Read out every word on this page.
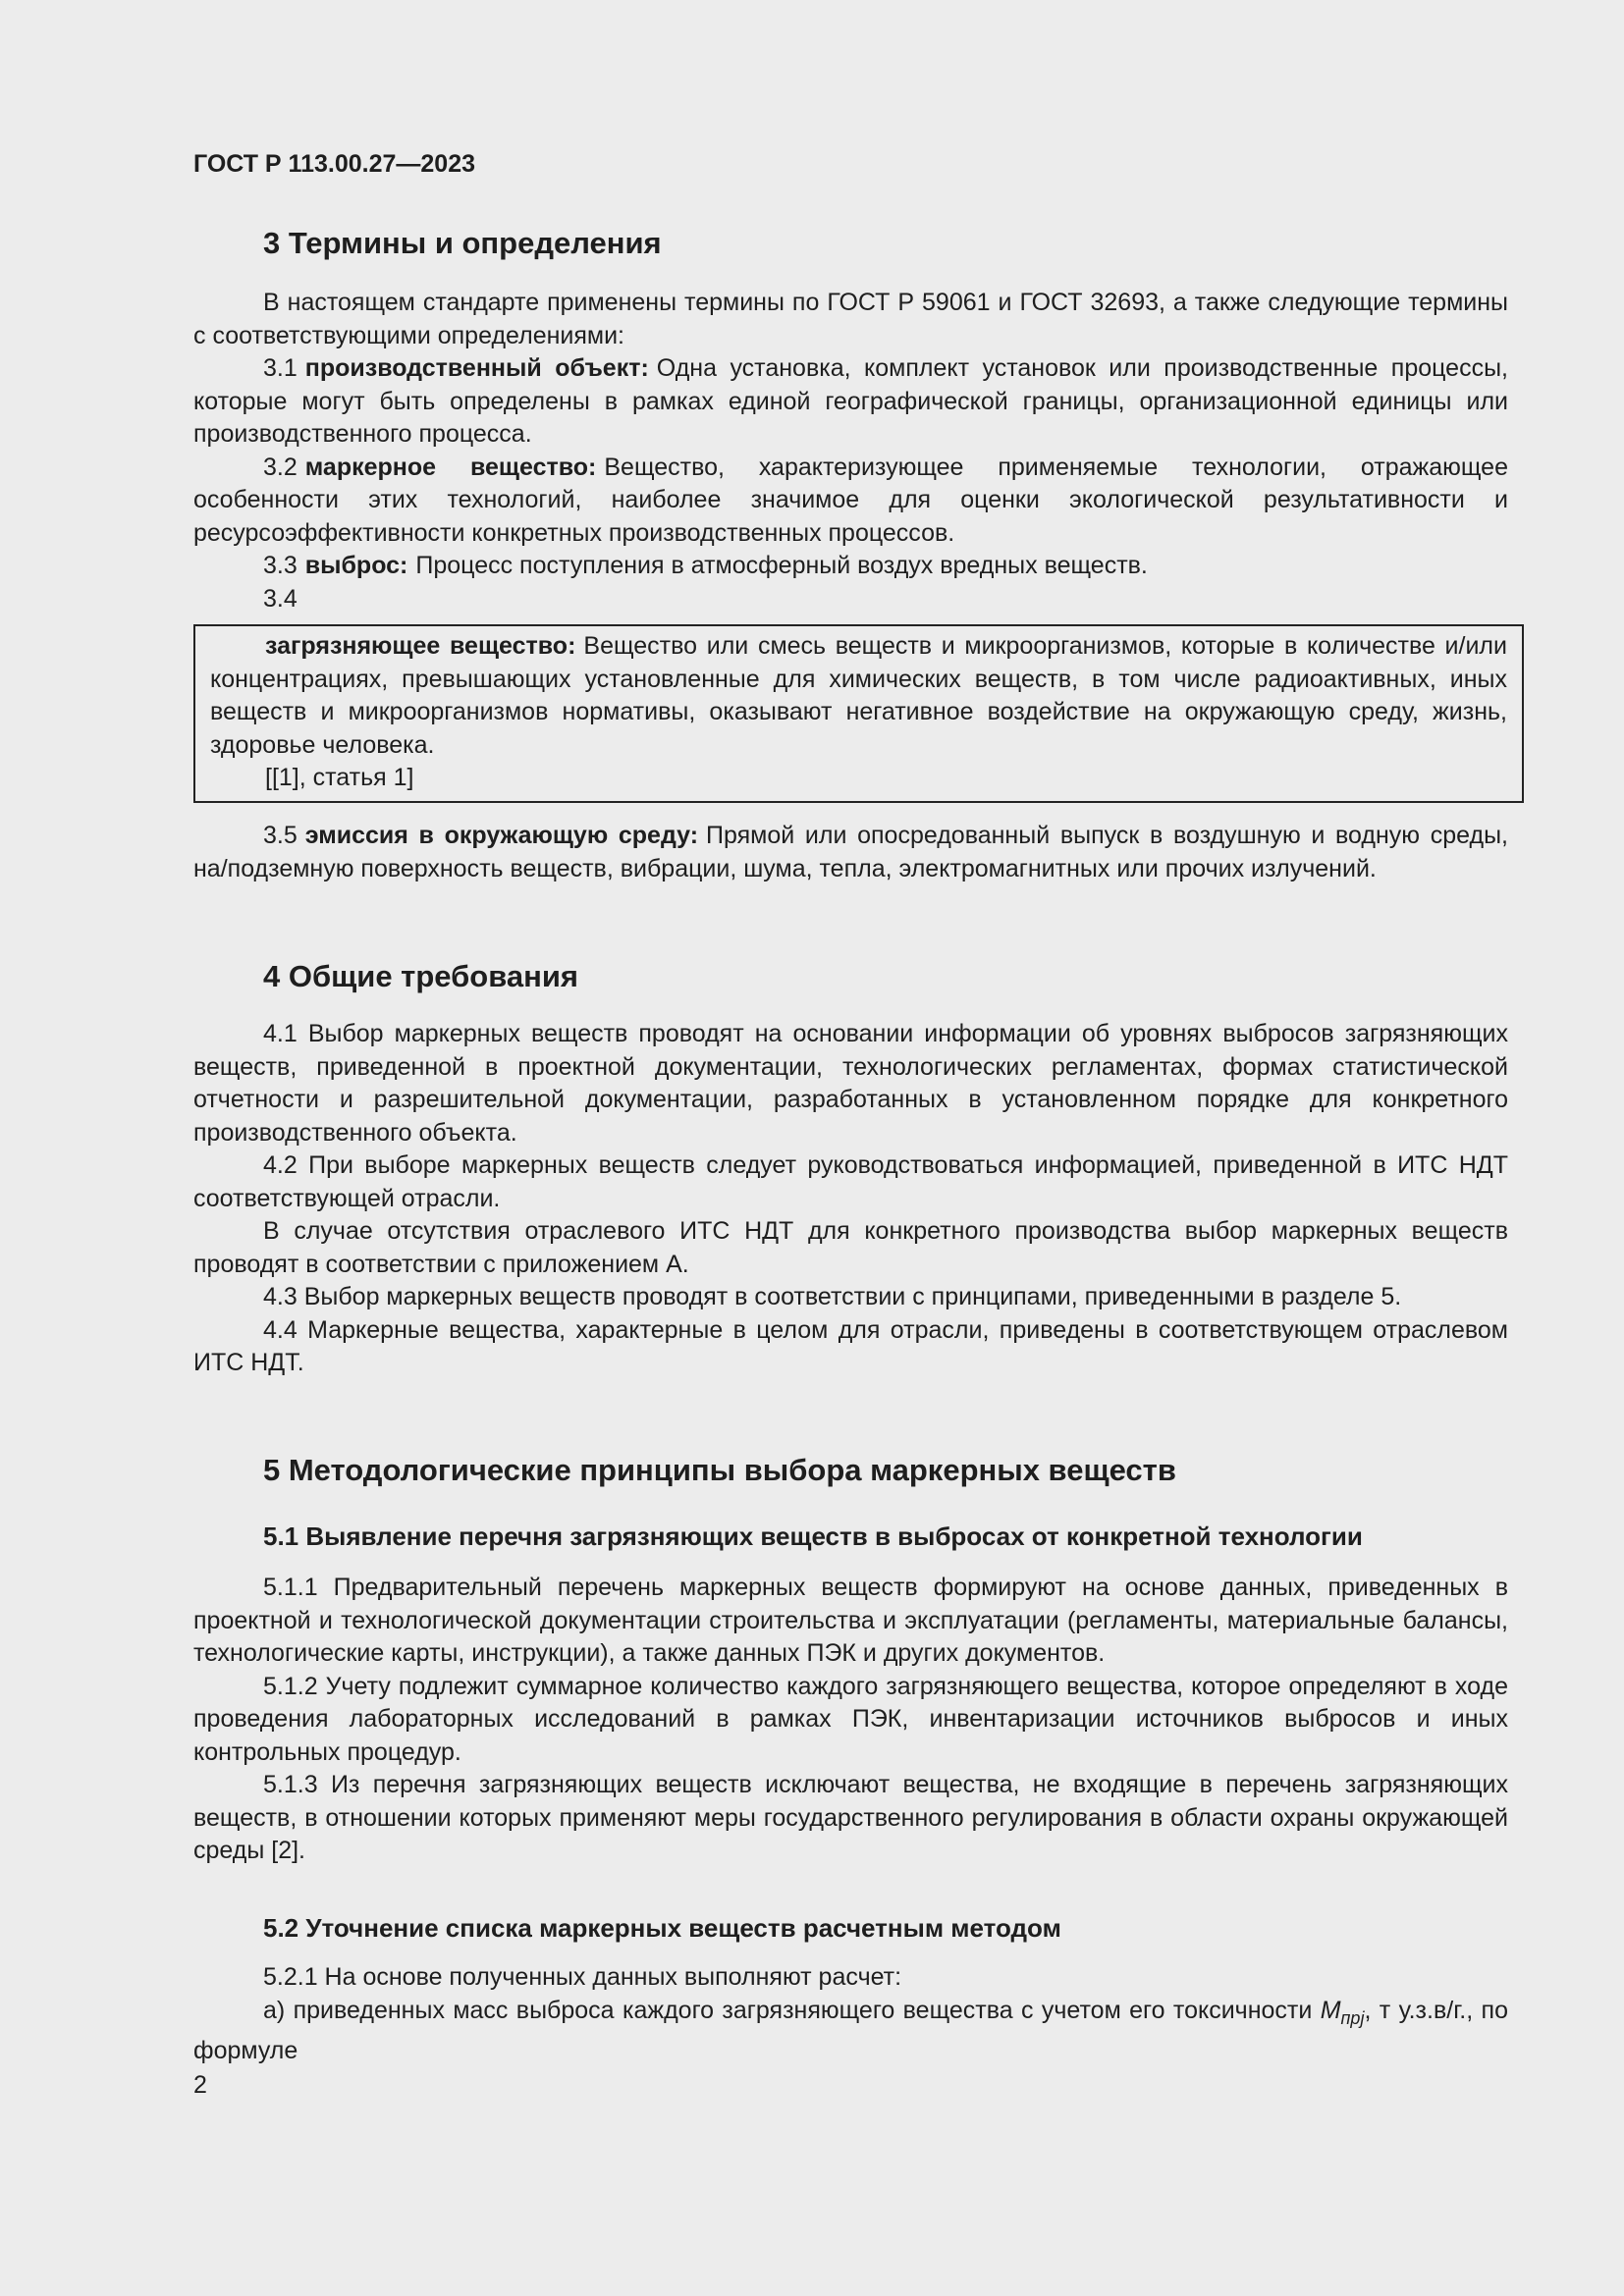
ГОСТ Р 113.00.27—2023
3 Термины и определения

В настоящем стандарте применены термины по ГОСТ Р 59061 и ГОСТ 32693, а также следующие термины с соответствующими определениями:

3.1 производственный объект: Одна установка, комплект установок или производственные процессы, которые могут быть определены в рамках единой географической границы, организационной единицы или производственного процесса.

3.2 маркерное вещество: Вещество, характеризующее применяемые технологии, отражающее особенности этих технологий, наиболее значимое для оценки экологической результативности и ресурсоэффективности конкретных производственных процессов.

3.3 выброс: Процесс поступления в атмосферный воздух вредных веществ.

3.4

загрязняющее вещество: Вещество или смесь веществ и микроорганизмов, которые в количестве и/или концентрациях, превышающих установленные для химических веществ, в том числе радиоактивных, иных веществ и микроорганизмов нормативы, оказывают негативное воздействие на окружающую среду, жизнь, здоровье человека.

[[1], статья 1]

3.5 эмиссия в окружающую среду: Прямой или опосредованный выпуск в воздушную и водную среды, на/подземную поверхность веществ, вибрации, шума, тепла, электромагнитных или прочих излучений.

4 Общие требования

4.1 Выбор маркерных веществ проводят на основании информации об уровнях выбросов загрязняющих веществ, приведенной в проектной документации, технологических регламентах, формах статистической отчетности и разрешительной документации, разработанных в установленном порядке для конкретного производственного объекта.

4.2 При выборе маркерных веществ следует руководствоваться информацией, приведенной в ИТС НДТ соответствующей отрасли.

В случае отсутствия отраслевого ИТС НДТ для конкретного производства выбор маркерных веществ проводят в соответствии с приложением А.

4.3 Выбор маркерных веществ проводят в соответствии с принципами, приведенными в разделе 5.

4.4 Маркерные вещества, характерные в целом для отрасли, приведены в соответствующем отраслевом ИТС НДТ.

5 Методологические принципы выбора маркерных веществ
5.1 Выявление перечня загрязняющих веществ в выбросах от конкретной технологии

5.1.1 Предварительный перечень маркерных веществ формируют на основе данных, приведенных в проектной и технологической документации строительства и эксплуатации (регламенты, материальные балансы, технологические карты, инструкции), а также данных ПЭК и других документов.

5.1.2 Учету подлежит суммарное количество каждого загрязняющего вещества, которое определяют в ходе проведения лабораторных исследований в рамках ПЭК, инвентаризации источников выбросов и иных контрольных процедур.

5.1.3 Из перечня загрязняющих веществ исключают вещества, не входящие в перечень загрязняющих веществ, в отношении которых применяют меры государственного регулирования в области охраны окружающей среды [2].

5.2 Уточнение списка маркерных веществ расчетным методом

5.2.1 На основе полученных данных выполняют расчет:

а) приведенных масс выброса каждого загрязняющего вещества с учетом его токсичности $M_{прj}$, т у.з.в/г., по формуле

2
